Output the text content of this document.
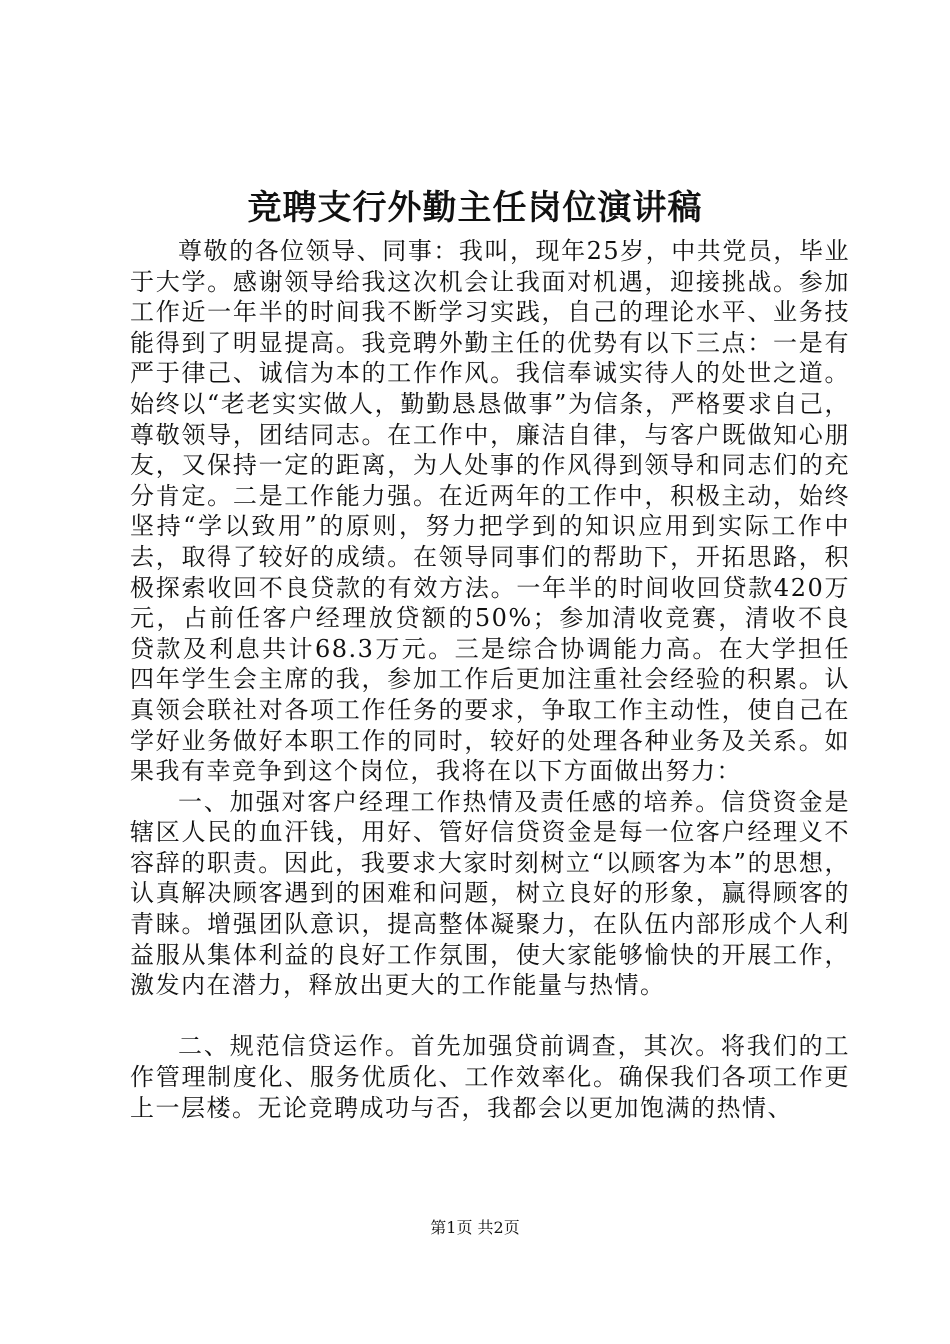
竞聘支行外勤主任岗位演讲稿

尊敬的各位领导、同事：我叫，现年25岁，中共党员，毕业于大学。感谢领导给我这次机会让我面对机遇，迎接挑战。参加工作近一年半的时间我不断学习实践，自己的理论水平、业务技能得到了明显提高。我竞聘外勤主任的优势有以下三点：一是有严于律己、诚信为本的工作作风。我信奉诚实待人的处世之道。始终以“老老实实做人，勤勤恳恳做事”为信条，严格要求自己，尊敬领导，团结同志。在工作中，廉洁自律，与客户既做知心朋友，又保持一定的距离，为人处事的作风得到领导和同志们的充分肯定。二是工作能力强。在近两年的工作中，积极主动，始终坚持“学以致用”的原则，努力把学到的知识应用到实际工作中去，取得了较好的成绩。在领导同事们的帮助下，开拓思路，积极探索收回不良贷款的有效方法。一年半的时间收回贷款420万元，占前任客户经理放贷额的50%；参加清收竞赛，清收不良贷款及利息共计68.3万元。三是综合协调能力高。在大学担任四年学生会主席的我，参加工作后更加注重社会经验的积累。认真领会联社对各项工作任务的要求，争取工作主动性，使自己在学好业务做好本职工作的同时，较好的处理各种业务及关系。如果我有幸竞争到这个岗位，我将在以下方面做出努力：

一、加强对客户经理工作热情及责任感的培养。信贷资金是辖区人民的血汗钱，用好、管好信贷资金是每一位客户经理义不容辞的职责。因此，我要求大家时刻树立“以顾客为本”的思想，认真解决顾客遇到的困难和问题，树立良好的形象，赢得顾客的青睐。增强团队意识，提高整体凝聚力，在队伍内部形成个人利益服从集体利益的良好工作氛围，使大家能够愉快的开展工作，激发内在潜力，释放出更大的工作能量与热情。

二、规范信贷运作。首先加强贷前调查，其次。将我们的工作管理制度化、服务优质化、工作效率化。确保我们各项工作更上一层楼。无论竞聘成功与否，我都会以更加饱满的热情、

第1页 共2页
